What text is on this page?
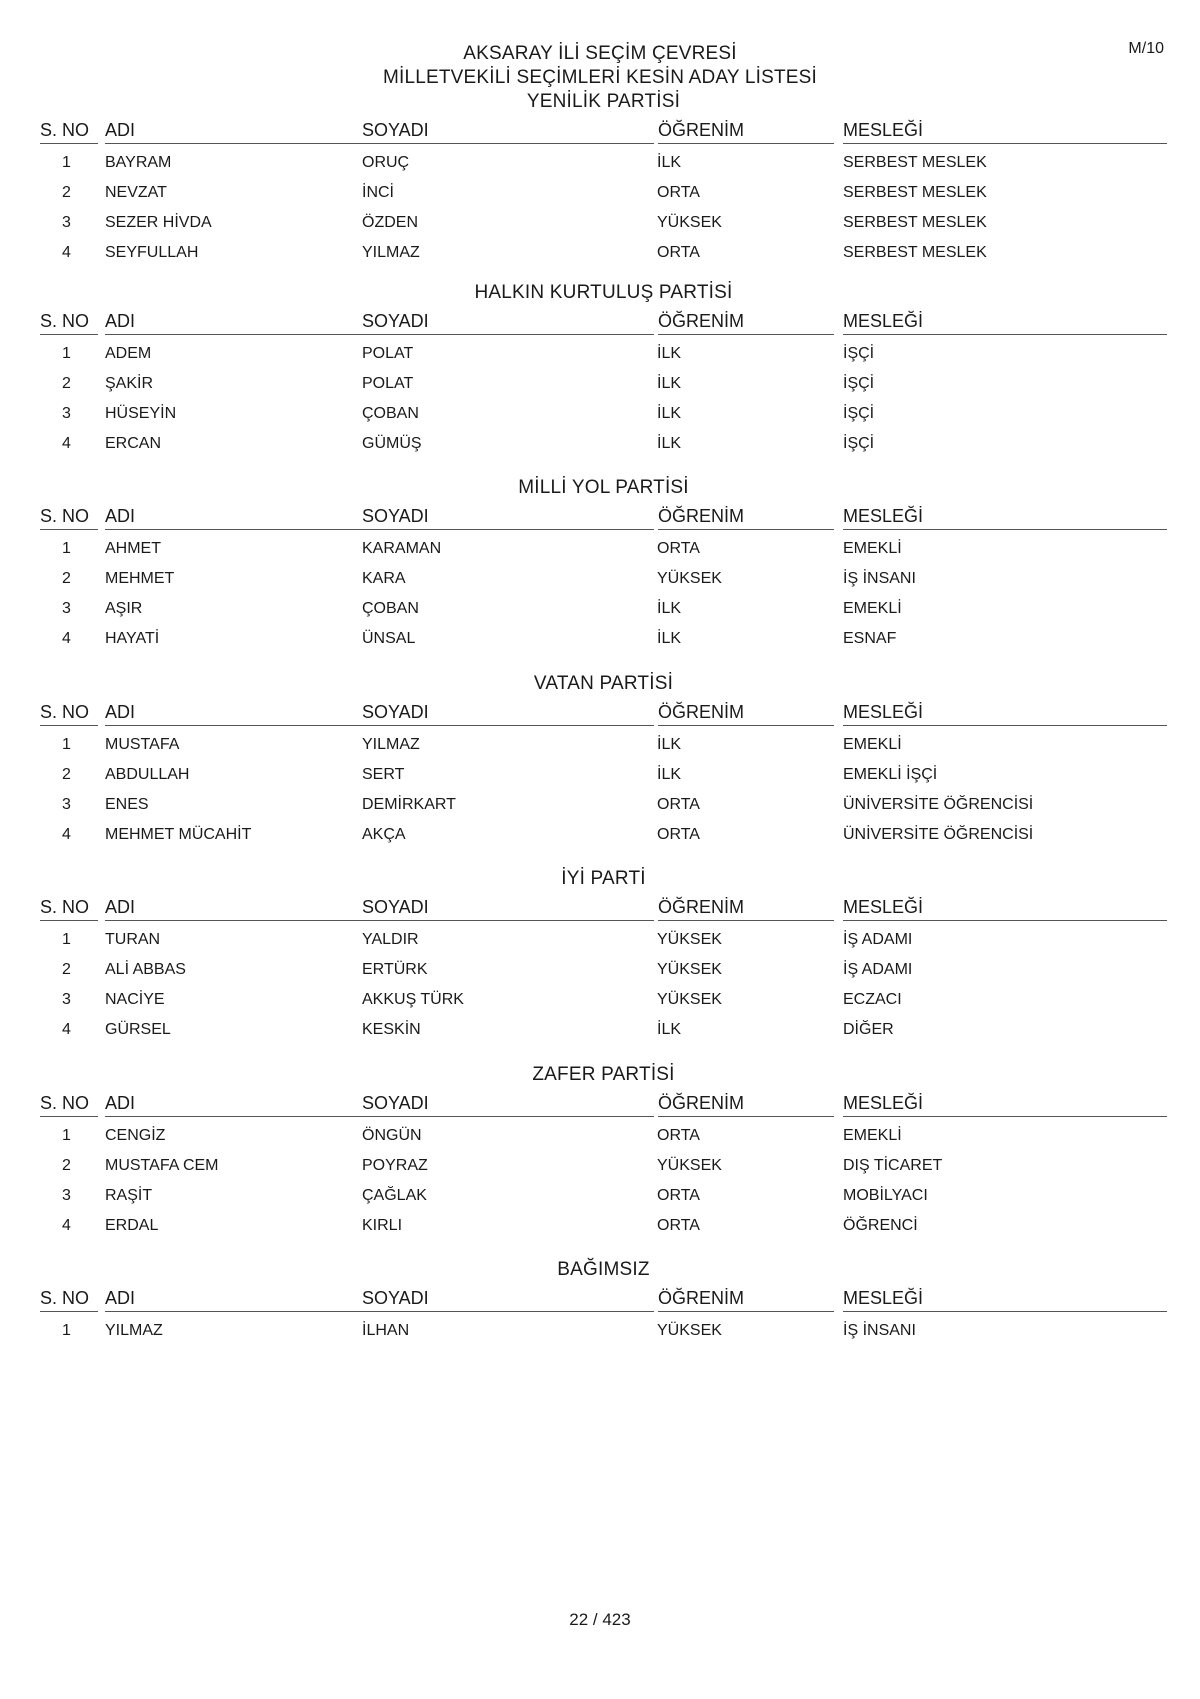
M/10
AKSARAY İLİ SEÇİM ÇEVRESİ
MİLLETVEKİLİ SEÇİMLERİ KESİN ADAY LİSTESİ
YENİLİK PARTİSİ
S. NO ADI	SOYADI	ÖĞRENİM	MESLEĞİ
1	BAYRAM	ORUÇ	İLK	SERBEST MESLEK
2	NEVZAT	İNCİ	ORTA	SERBEST MESLEK
3	SEZER HİVDA	ÖZDEN	YÜKSEK	SERBEST MESLEK
4	SEYFULLAH	YILMAZ	ORTA	SERBEST MESLEK
HALKIN KURTULUŞ PARTİSİ
S. NO ADI	SOYADI	ÖĞRENİM	MESLEĞİ
1	ADEM	POLAT	İLK	İŞÇİ
2	ŞAKİR	POLAT	İLK	İŞÇİ
3	HÜSEYİN	ÇOBAN	İLK	İŞÇİ
4	ERCAN	GÜMÜŞ	İLK	İŞÇİ
MİLLİ YOL PARTİSİ
S. NO ADI	SOYADI	ÖĞRENİM	MESLEĞİ
1	AHMET	KARAMAN	ORTA	EMEKLİ
2	MEHMET	KARA	YÜKSEK	İŞ İNSANI
3	AŞIR	ÇOBAN	İLK	EMEKLİ
4	HAYATİ	ÜNSAL	İLK	ESNAF
VATAN PARTİSİ
S. NO ADI	SOYADI	ÖĞRENİM	MESLEĞİ
1	MUSTAFA	YILMAZ	İLK	EMEKLİ
2	ABDULLAH	SERT	İLK	EMEKLİ İŞÇİ
3	ENES	DEMİRKART	ORTA	ÜNİVERSİTE ÖĞRENCİSİ
4	MEHMET MÜCAHİT	AKÇA	ORTA	ÜNİVERSİTE ÖĞRENCİSİ
İYİ PARTİ
S. NO ADI	SOYADI	ÖĞRENİM	MESLEĞİ
1	TURAN	YALDIR	YÜKSEK	İŞ ADAMI
2	ALİ ABBAS	ERTÜRK	YÜKSEK	İŞ ADAMI
3	NACİYE	AKKUŞ TÜRK	YÜKSEK	ECZACI
4	GÜRSEL	KESKİN	İLK	DİĞER
ZAFER PARTİSİ
S. NO ADI	SOYADI	ÖĞRENİM	MESLEĞİ
1	CENGİZ	ÖNGÜN	ORTA	EMEKLİ
2	MUSTAFA CEM	POYRAZ	YÜKSEK	DIŞ TİCARET
3	RAŞİT	ÇAĞLAK	ORTA	MOBİLYACI
4	ERDAL	KIRLI	ORTA	ÖĞRENCİ
BAĞIMSIZ
S. NO ADI	SOYADI	ÖĞRENİM	MESLEĞİ
1	YILMAZ	İLHAN	YÜKSEK	İŞ İNSANI
22 / 423
